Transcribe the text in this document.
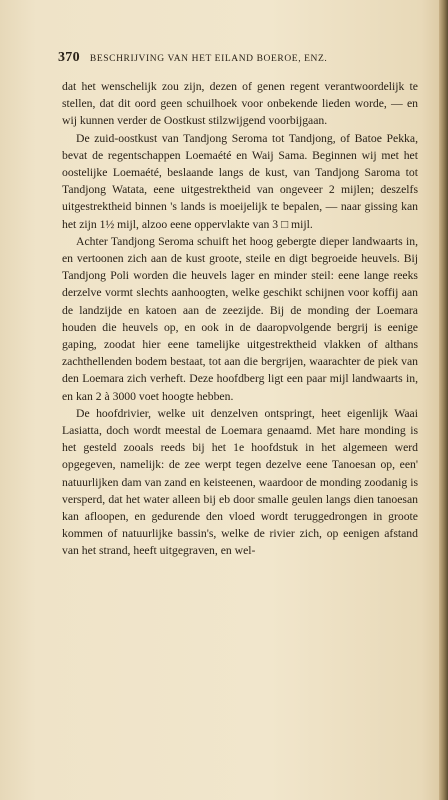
370 BESCHRIJVING VAN HET EILAND BOEROE, ENZ.

dat het wenschelijk zou zijn, dezen of genen regent verantwoordelijk te stellen, dat dit oord geen schuilhoek voor onbekende lieden worde, — en wij kunnen verder de Oostkust stilzwijgend voorbijgaan.

De zuid-oostkust van Tandjong Seroma tot Tandjong, of Batoe Pekka, bevat de regentschappen Loemaété en Waij Sama. Beginnen wij met het oostelijke Loemaété, beslaande langs de kust, van Tandjong Saroma tot Tandjong Watata, eene uitgestrektheid van ongeveer 2 mijlen; deszelfs uitgestrektheid binnen 's lands is moeijelijk te bepalen, — naar gissing kan het zijn 1½ mijl, alzoo eene oppervlakte van 3 □ mijl.

Achter Tandjong Seroma schuift het hoog gebergte dieper landwaarts in, en vertoonen zich aan de kust groote, steile en digt begroeide heuvels. Bij Tandjong Poli worden die heuvels lager en minder steil: eene lange reeks derzelve vormt slechts aanhoogten, welke geschikt schijnen voor koffij aan de landzijde en katoen aan de zeezijde. Bij de monding der Loemara houden die heuvels op, en ook in de daaropvolgende bergrij is eenige gaping, zoodat hier eene tamelijke uitgestrektheid vlakken of althans zachthellenden bodem bestaat, tot aan die bergrijen, waarachter de piek van den Loemara zich verheft. Deze hoofdberg ligt een paar mijl landwaarts in, en kan 2 à 3000 voet hoogte hebben.

De hoofdrivier, welke uit denzelven ontspringt, heet eigenlijk Waai Lasiatta, doch wordt meestal de Loemara genaamd. Met hare monding is het gesteld zooals reeds bij het 1e hoofdstuk in het algemeen werd opgegeven, namelijk: de zee werpt tegen dezelve eene Tanoesan op, een' natuurlijken dam van zand en keisteenen, waardoor de monding zoodanig is versperd, dat het water alleen bij eb door smalle geulen langs dien tanoesan kan afloopen, en gedurende den vloed wordt teruggedrongen in groote kommen of natuurlijke bassin's, welke de rivier zich, op eenigen afstand van het strand, heeft uitgegraven, en wel-
